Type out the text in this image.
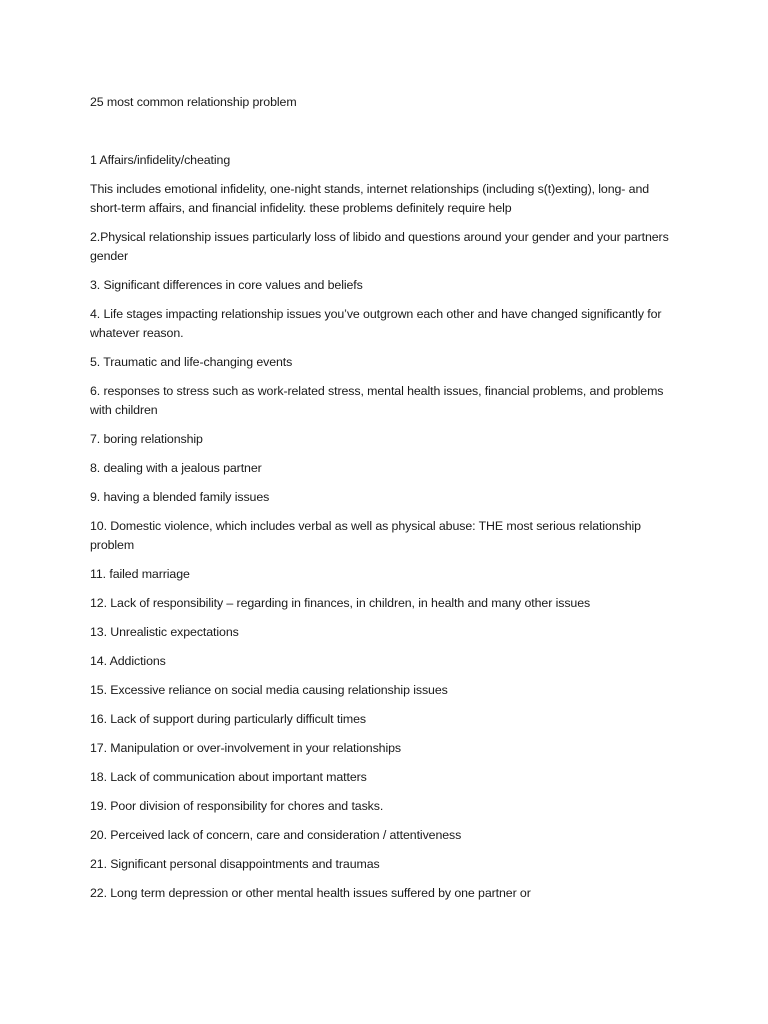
25 most common relationship problem

1 Affairs/infidelity/cheating

This includes emotional infidelity, one-night stands, internet relationships (including s(t)exting), long- and short-term affairs, and financial infidelity. these problems definitely require help

2.Physical relationship issues particularly loss of libido and questions around your gender and your partners gender

3. Significant differences in core values and beliefs

4. Life stages impacting relationship issues you’ve outgrown each other and have changed significantly for whatever reason.

5. Traumatic and life-changing events

6. responses to stress such as work-related stress, mental health issues, financial problems, and problems with children

7. boring relationship

8. dealing with a jealous partner

9. having a blended family issues

10. Domestic violence, which includes verbal as well as physical abuse: THE most serious relationship problem

11. failed marriage

12. Lack of responsibility – regarding in finances, in children, in health and many other issues

13. Unrealistic expectations

14. Addictions

15. Excessive reliance on social media causing relationship issues

16. Lack of support during particularly difficult times

17. Manipulation or over-involvement in your relationships

18. Lack of communication about important matters

19. Poor division of responsibility for chores and tasks.

20. Perceived lack of concern, care and consideration / attentiveness

21. Significant personal disappointments and traumas

22. Long term depression or other mental health issues suffered by one partner or
